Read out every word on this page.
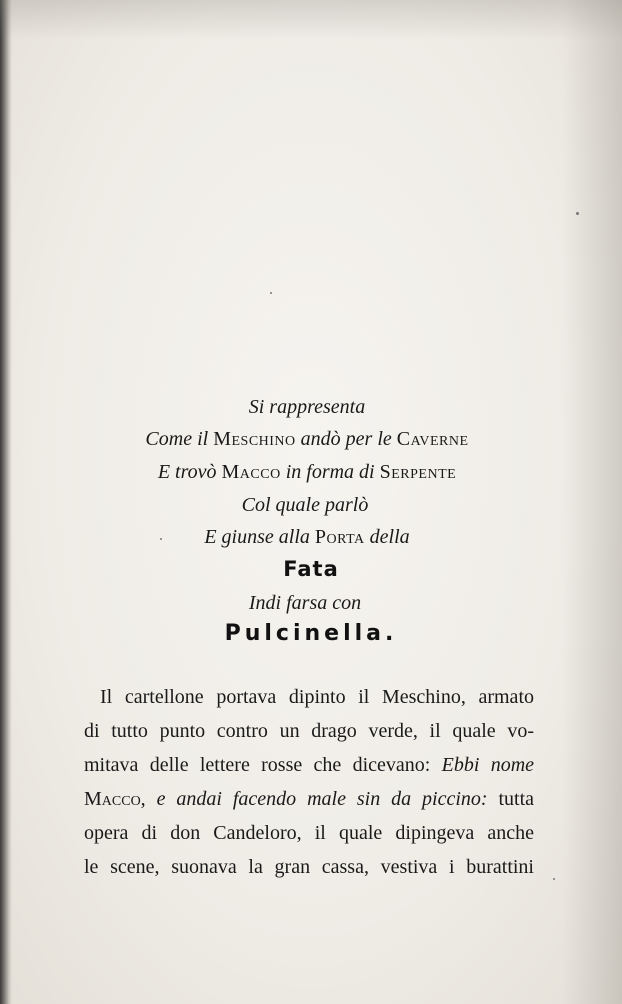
Si rappresenta
Come il Meschino andò per le Caverne
E trovò Macco in forma di Serpente
Col quale parlò
E giunse alla Porta della
Fata
Indi farsa con
Pulcinella.
Il cartellone portava dipinto il Meschino, armato
di tutto punto contro un drago verde, il quale vo-
mitava delle lettere rosse che dicevano: Ebbi nome
Macco, e andai facendo male sin da piccino: tutta
opera di don Candeloro, il quale dipingeva anche
le scene, suonava la gran cassa, vestiva i burattini
